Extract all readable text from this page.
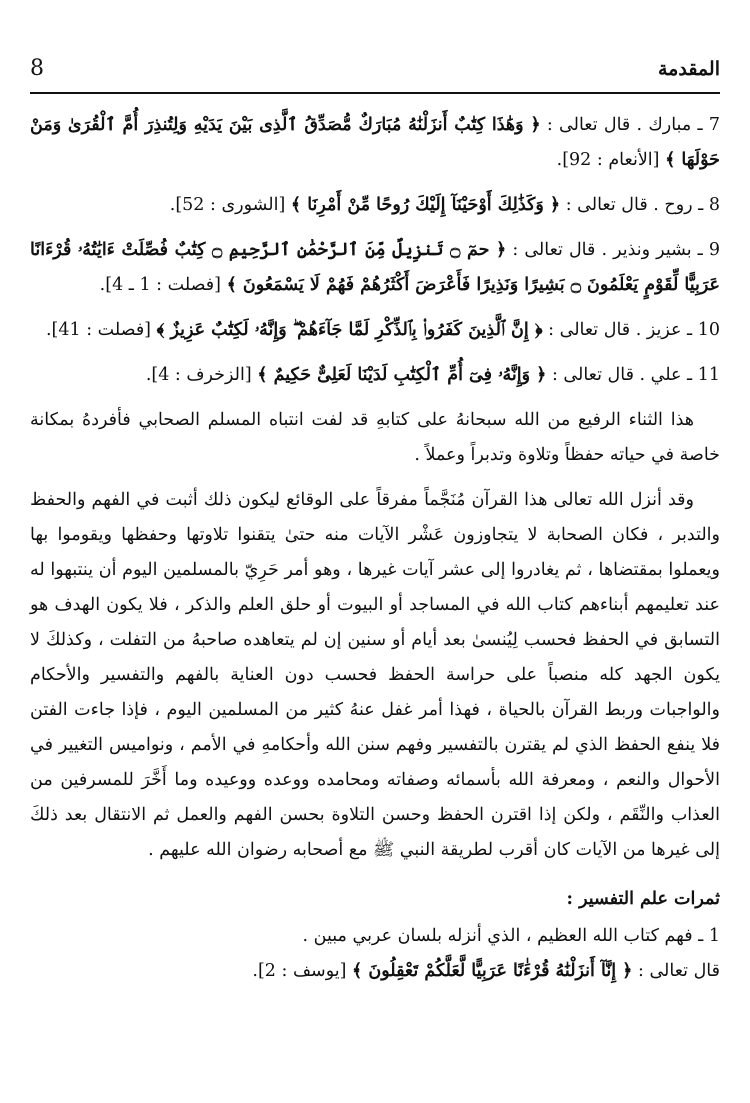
8	المقدمة

7 ـ مبارك . قال تعالى : ﴿ وَهَٰذَا كِتَٰبٌ أَنزَلْنَٰهُ مُبَارَكٌ مُّصَدِّقُ ٱلَّذِى بَيْنَ يَدَيْهِ وَلِتُنذِرَ أُمَّ ٱلْقُرَىٰ وَمَنْ حَوْلَهَا ﴾ [الأنعام : 92].

8 ـ روح . قال تعالى : ﴿ وَكَذَٰلِكَ أَوْحَيْنَآ إِلَيْكَ رُوحًا مِّنْ أَمْرِنَا ﴾ [الشورى : 52].

9 ـ بشير ونذير . قال تعالى : ﴿ حمٓ ۝ تَنزِيلٌ مِّنَ ٱلرَّحْمَٰنِ ٱلرَّحِيمِ ۝ كِتَٰبٌ فُصِّلَتْ ءَايَٰتُهُۥ قُرْءَانًا عَرَبِيًّا لِّقَوْمٍ يَعْلَمُونَ ۝ بَشِيرًا وَنَذِيرًا فَأَعْرَضَ أَكْثَرُهُمْ فَهُمْ لَا يَسْمَعُونَ ﴾ [فصلت : 1 ـ 4].

10 ـ عزيز . قال تعالى : ﴿ إِنَّ ٱلَّذِينَ كَفَرُوا۟ بِٱلذِّكْرِ لَمَّا جَآءَهُمْ ۖ وَإِنَّهُۥ لَكِتَٰبٌ عَزِيزٌ ﴾ [فصلت : 41].

11 ـ علي . قال تعالى : ﴿ وَإِنَّهُۥ فِىٓ أُمِّ ٱلْكِتَٰبِ لَدَيْنَا لَعَلِىٌّ حَكِيمٌ ﴾ [الزخرف : 4].

هذا الثناء الرفيع من الله سبحانهُ على كتابهِ قد لفت انتباه المسلم الصحابي فأفردهُ بمكانة خاصة في حياته حفظاً وتلاوة وتدبراً وعملاً .

وقد أنزل الله تعالى هذا القرآن مُنَجَّماً مفرقاً على الوقائع ليكون ذلك أثبت في الفهم والحفظ والتدبر ، فكان الصحابة لا يتجاوزون عَشْر الآيات منه حتىٰ يتقنوا تلاوتها وحفظها ويقوموا بها ويعملوا بمقتضاها ، ثم يغادروا إلى عشر آيات غيرها ، وهو أمر حَرِيّ بالمسلمين اليوم أن ينتبهوا له عند تعليمهم أبناءهم كتاب الله في المساجد أو البيوت أو حلق العلم والذكر ، فلا يكون الهدف هو التسابق في الحفظ فحسب لِيُنسىٰ بعد أيام أو سنين إن لم يتعاهده صاحبهُ من التفلت ، وكذلكَ لا يكون الجهد كله منصباً على حراسة الحفظ فحسب دون العناية بالفهم والتفسير والأحكام والواجبات وربط القرآن بالحياة ، فهذا أمر غفل عنهُ كثير من المسلمين اليوم ، فإذا جاءت الفتن فلا ينفع الحفظ الذي لم يقترن بالتفسير وفهم سنن الله وأحكامهِ في الأمم ، ونواميس التغيير في الأحوال والنعم ، ومعرفة الله بأسمائه وصفاته ومحامده ووعده ووعيده وما أَخَّرَ للمسرفين من العذاب والنِّقَم ، ولكن إذا اقترن الحفظ وحسن التلاوة بحسن الفهم والعمل ثم الانتقال بعد ذلكَ إلى غيرها من الآيات كان أقرب لطريقة النبي ﷺ مع أصحابه رضوان الله عليهم .

ثمرات علم التفسير :

1 ـ فهم كتاب الله العظيم ، الذي أنزله بلسان عربي مبين .

قال تعالى : ﴿ إِنَّآ أَنزَلْنَٰهُ قُرْءَٰنًا عَرَبِيًّا لَّعَلَّكُمْ تَعْقِلُونَ ﴾ [يوسف : 2].
